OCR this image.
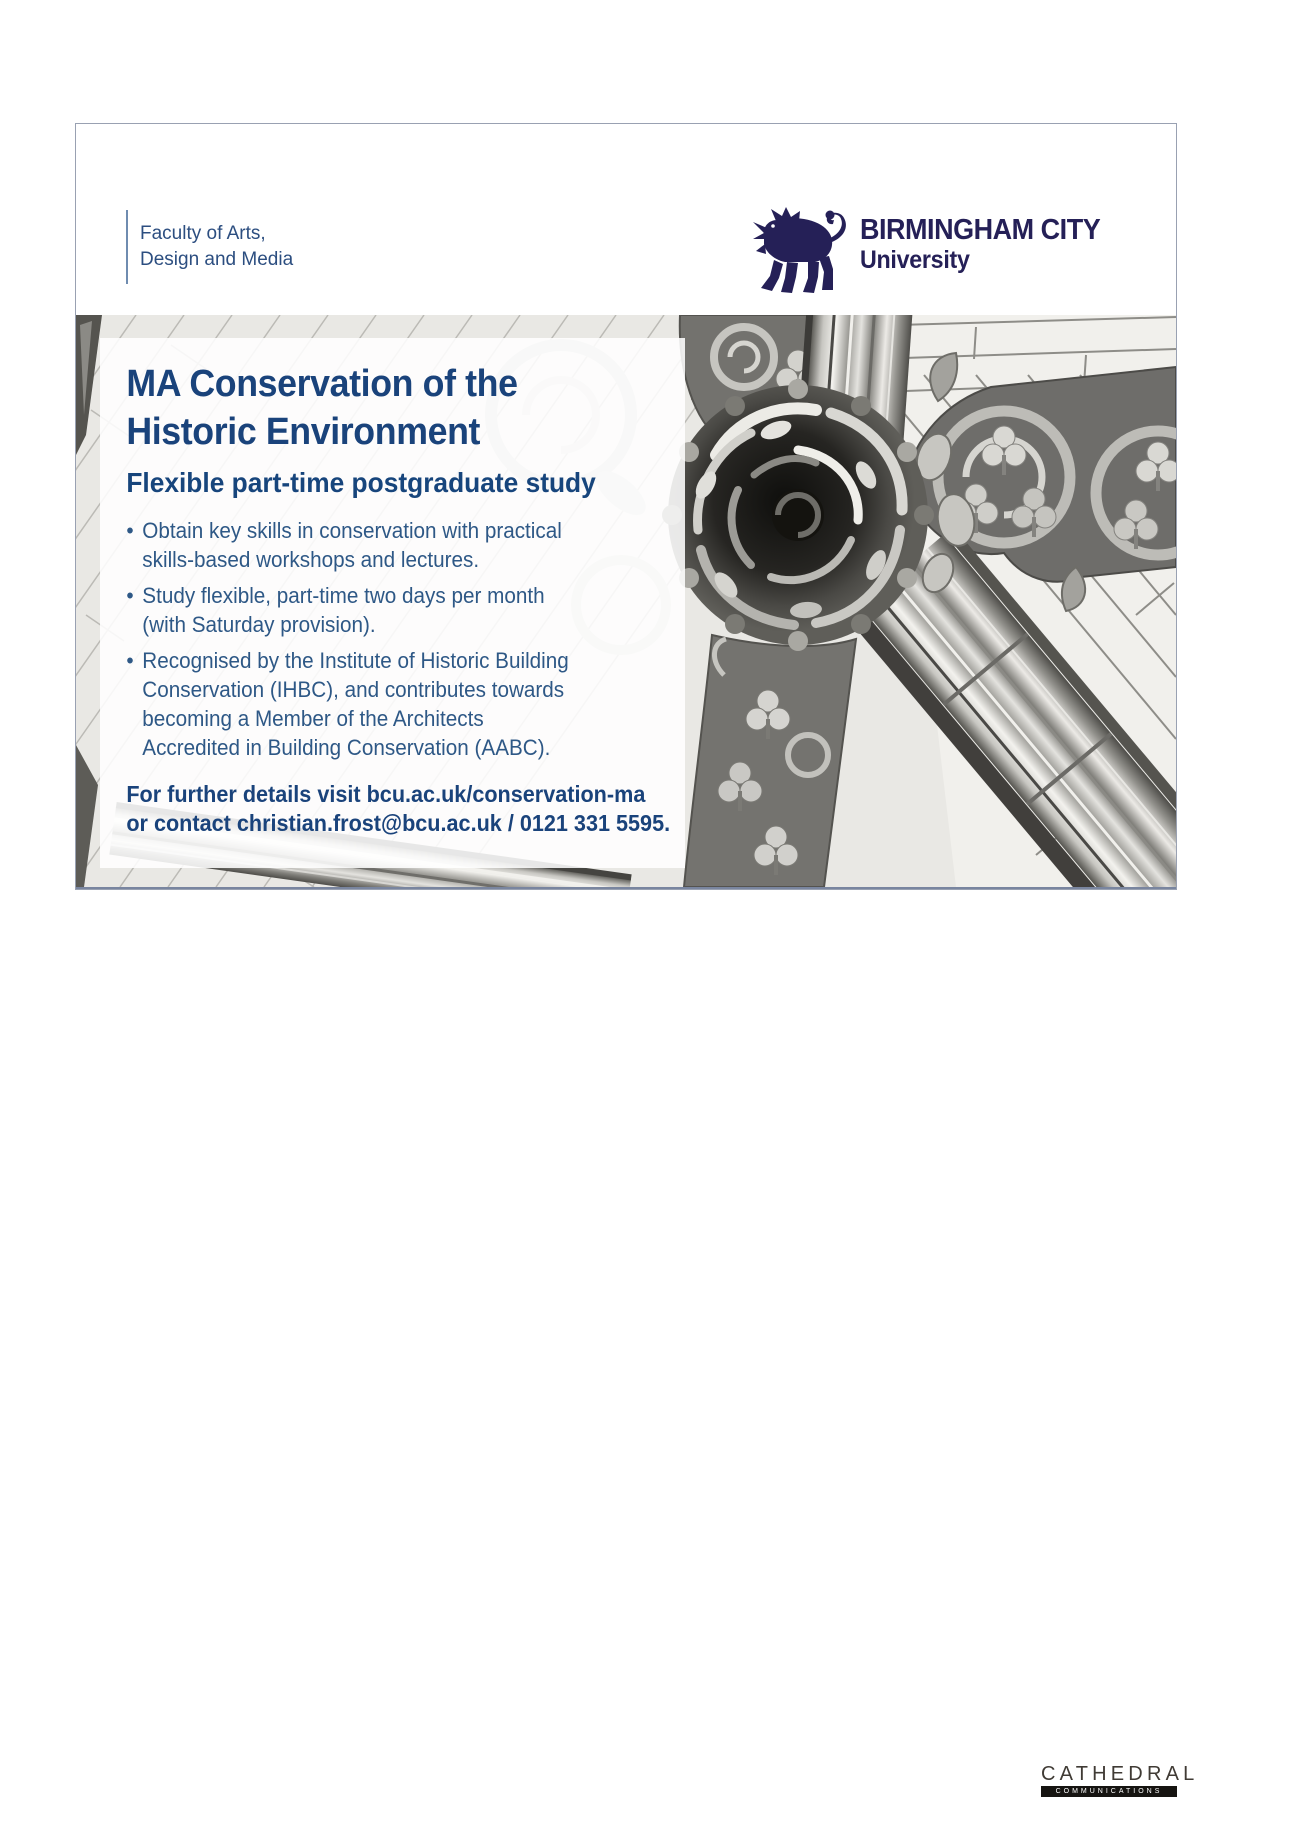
Faculty of Arts,
Design and Media
BIRMINGHAM CITY
University
MA Conservation of the
Historic Environment
Flexible part-time postgraduate study
• Obtain key skills in conservation with practical
skills-based workshops and lectures.
• Study flexible, part-time two days per month
(with Saturday provision).
• Recognised by the Institute of Historic Building
Conservation (IHBC), and contributes towards
becoming a Member of the Architects
Accredited in Building Conservation (AABC).
For further details visit bcu.ac.uk/conservation-ma
or contact christian.frost@bcu.ac.uk / 0121 331 5595.
CATHEDRAL
COMMUNICATIONS
